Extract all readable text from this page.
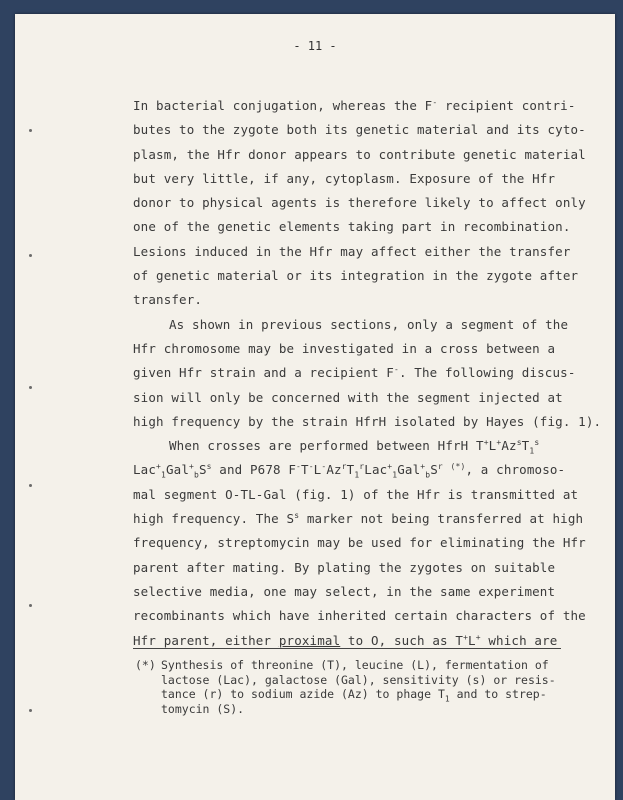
- 11 -
In bacterial conjugation, whereas the F- recipient contri-
butes to the zygote both its genetic material and its cyto-
plasm, the Hfr donor appears to contribute genetic material
but very little, if any, cytoplasm. Exposure of the Hfr
donor to physical agents is therefore likely to affect only
one of the genetic elements taking part in recombination.
Lesions induced in the Hfr may affect either the transfer
of genetic material or its integration in the zygote after
transfer.
As shown in previous sections, only a segment of the
Hfr chromosome may be investigated in a cross between a
given Hfr strain and a recipient F-. The following discus-
sion will only be concerned with the segment injected at
high frequency by the strain HfrH isolated by Hayes (fig. 1).
When crosses are performed between HfrH $T^+L^+Az^sT_1^s$
$Lac^+_1Gal^+_bS^s$ and P678 $F^-T^-L^-Az^rT_1^rLac^+_1Gal^+_bS^r$ (*), a chromoso-
mal segment O-TL-Gal (fig. 1) of the Hfr is transmitted at
high frequency. The $S^s$ marker not being transferred at high
frequency, streptomycin may be used for eliminating the Hfr
parent after mating. By plating the zygotes on suitable
selective media, one may select, in the same experiment
recombinants which have inherited certain characters of the
Hfr parent, either proximal to O, such as T+L+ which are
(*) Synthesis of threonine (T), leucine (L), fermentation of
lactose (Lac), galactose (Gal), sensitivity (s) or resis-
tance (r) to sodium azide (Az) to phage $T_1$ and to strep-
tomycin (S).
